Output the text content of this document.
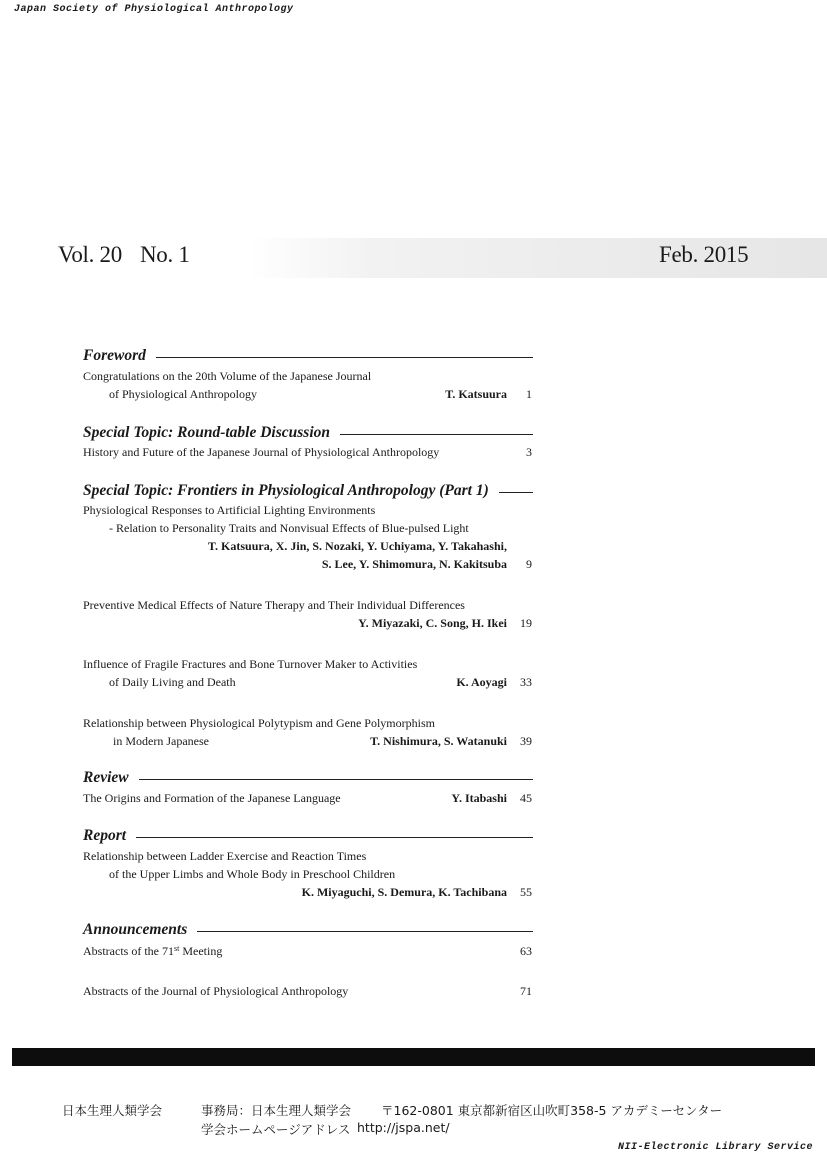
Japan Society of Physiological Anthropology
Vol. 20 No. 1	Feb. 2015
Foreword
Congratulations on the 20th Volume of the Japanese Journal
of Physiological Anthropology	T. Katsuura	1
Special Topic: Round-table Discussion
History and Future of the Japanese Journal of Physiological Anthropology	3
Special Topic: Frontiers in Physiological Anthropology (Part 1)
Physiological Responses to Artificial Lighting Environments
- Relation to Personality Traits and Nonvisual Effects of Blue-pulsed Light
T. Katsuura, X. Jin, S. Nozaki, Y. Uchiyama, Y. Takahashi,
S. Lee, Y. Shimomura, N. Kakitsuba	9
Preventive Medical Effects of Nature Therapy and Their Individual Differences
Y. Miyazaki, C. Song, H. Ikei	19
Influence of Fragile Fractures and Bone Turnover Maker to Activities
of Daily Living and Death	K. Aoyagi	33
Relationship between Physiological Polytypism and Gene Polymorphism
in Modern Japanese	T. Nishimura, S. Watanuki	39
Review
The Origins and Formation of the Japanese Language	Y. Itabashi	45
Report
Relationship between Ladder Exercise and Reaction Times
of the Upper Limbs and Whole Body in Preschool Children
K. Miyaguchi, S. Demura, K. Tachibana	55
Announcements
Abstracts of the 71st Meeting	63
Abstracts of the Journal of Physiological Anthropology	71
日本生理人類学会	事務局：日本生理人類学会 〒162-0801 東京都新宿区山吹町358-5 アカデミーセンター
学会ホームページアドレス http://jspa.net/
NII-Electronic Library Service
